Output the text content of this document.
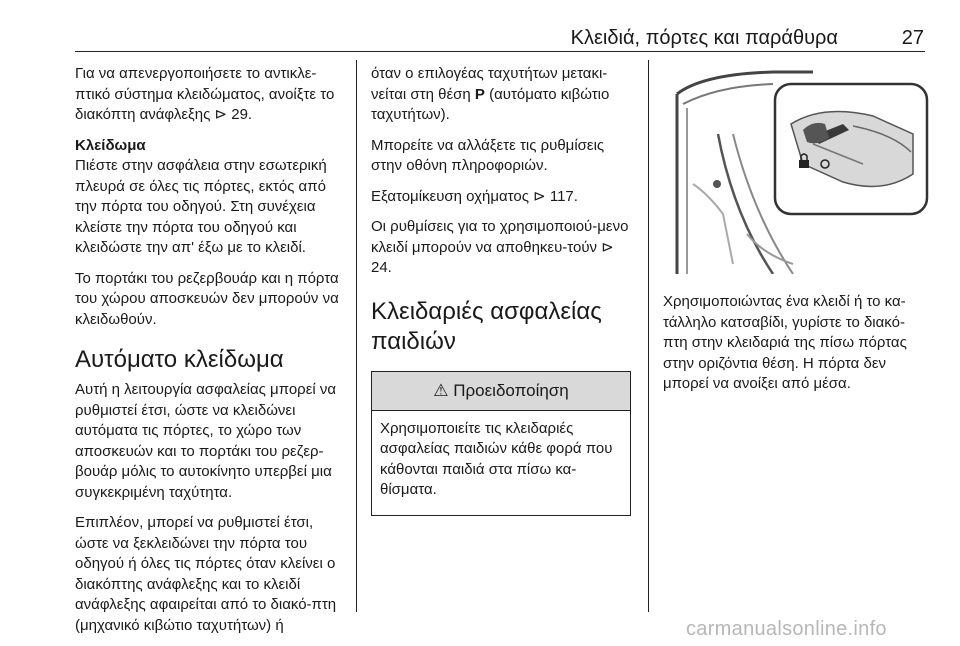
Κλειδιά, πόρτες και παράθυρα	27

Για να απενεργοποιήσετε το αντικλε-πτικό σύστημα κλειδώματος, ανοίξτε το διακόπτη ανάφλεξης ⊳ 29.

Κλείδωμα

Πιέστε στην ασφάλεια στην εσωτερική πλευρά σε όλες τις πόρτες, εκτός από την πόρτα του οδηγού. Στη συνέχεια κλείστε την πόρτα του οδηγού και κλειδώστε την απ' έξω με το κλειδί.

Το πορτάκι του ρεζερβουάρ και η πόρτα του χώρου αποσκευών δεν μπορούν να κλειδωθούν.

Αυτόματο κλείδωμα

Αυτή η λειτουργία ασφαλείας μπορεί να ρυθμιστεί έτσι, ώστε να κλειδώνει αυτόματα τις πόρτες, το χώρο των αποσκευών και το πορτάκι του ρεζερ-βουάρ μόλις το αυτοκίνητο υπερβεί μια συγκεκριμένη ταχύτητα.

Επιπλέον, μπορεί να ρυθμιστεί έτσι, ώστε να ξεκλειδώνει την πόρτα του οδηγού ή όλες τις πόρτες όταν κλείνει ο διακόπτης ανάφλεξης και το κλειδί ανάφλεξης αφαιρείται από το διακό-πτη (μηχανικό κιβώτιο ταχυτήτων) ή

όταν ο επιλογέας ταχυτήτων μετακι-νείται στη θέση P (αυτόματο κιβώτιο ταχυτήτων).

Μπορείτε να αλλάξετε τις ρυθμίσεις στην οθόνη πληροφοριών.

Εξατομίκευση οχήματος ⊳ 117.

Οι ρυθμίσεις για το χρησιμοποιού-μενο κλειδί μπορούν να αποθηκευ-τούν ⊳ 24.

Κλειδαριές ασφαλείας παιδιών
⚠ Προειδοποίηση
Χρησιμοποιείτε τις κλειδαριές ασφαλείας παιδιών κάθε φορά που κάθονται παιδιά στα πίσω κα-θίσματα.

Χρησιμοποιώντας ένα κλειδί ή το κα-τάλληλο κατσαβίδι, γυρίστε το διακό-πτη στην κλειδαριά της πίσω πόρτας στην οριζόντια θέση. Η πόρτα δεν μπορεί να ανοίξει από μέσα.

carmanualsonline.info
